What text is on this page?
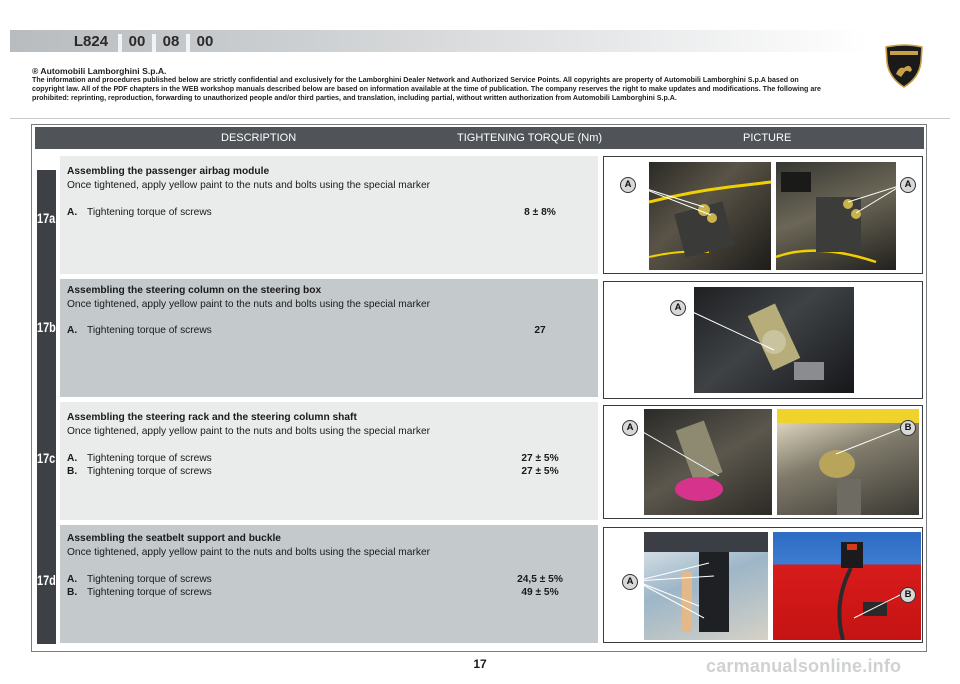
L824	00	08	00
® Automobili Lamborghini S.p.A.
The information and procedures published below are strictly confidential and exclusively for the Lamborghini Dealer Network and Authorized Service Points. All copyrights are property of Automobili Lamborghini S.p.A based on copyright law. All of the PDF chapters in the WEB workshop manuals described below are based on information available at the time of publication. The company reserves the right to make updates and modifications. The following are prohibited: reprinting, reproduction, forwarding to unauthorized people and/or third parties, and translation, including partial, without written authorization from Automobili Lamborghini S.p.A.
DESCRIPTION	TIGHTENING TORQUE (Nm)	PICTURE
17a
17b
17c
17d
Assembling the passenger airbag module
Once tightened, apply yellow paint to the nuts and bolts using the special marker
A. Tightening torque of screws	8 ± 8%
Assembling the steering column on the steering box
Once tightened, apply yellow paint to the nuts and bolts using the special marker
A. Tightening torque of screws	27
Assembling the steering rack and the steering column shaft
Once tightened, apply yellow paint to the nuts and bolts using the special marker
A. Tightening torque of screws	27 ± 5%
B. Tightening torque of screws	27 ± 5%
Assembling the seatbelt support and buckle
Once tightened, apply yellow paint to the nuts and bolts using the special marker
A. Tightening torque of screws	24,5 ± 5%
B. Tightening torque of screws	49 ± 5%
A	A
A
A	B
A
B
17	carmanualsonline.info
